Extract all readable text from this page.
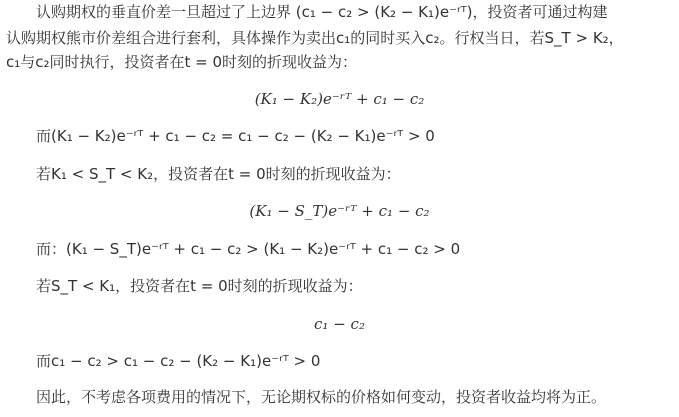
认购期权的垂直价差一旦超过了上边界 (c₁ − c₂ > (K₂ − K₁)e⁻ʳᵀ)，投资者可通过构建
认购期权熊市价差组合进行套利，具体操作为卖出c₁的同时买入c₂。行权当日，若S_T > K₂，
c₁与c₂同时执行，投资者在t = 0时刻的折现收益为：
(K₁ − K₂)e⁻ʳᵀ + c₁ − c₂
而(K₁ − K₂)e⁻ʳᵀ + c₁ − c₂ = c₁ − c₂ − (K₂ − K₁)e⁻ʳᵀ > 0
若K₁ < S_T < K₂，投资者在t = 0时刻的折现收益为：
(K₁ − S_T)e⁻ʳᵀ + c₁ − c₂
而：(K₁ − S_T)e⁻ʳᵀ + c₁ − c₂ > (K₁ − K₂)e⁻ʳᵀ + c₁ − c₂ > 0
若S_T < K₁，投资者在t = 0时刻的折现收益为：
c₁ − c₂
而c₁ − c₂ > c₁ − c₂ − (K₂ − K₁)e⁻ʳᵀ > 0
因此，不考虑各项费用的情况下，无论期权标的价格如何变动，投资者收益均将为正。
